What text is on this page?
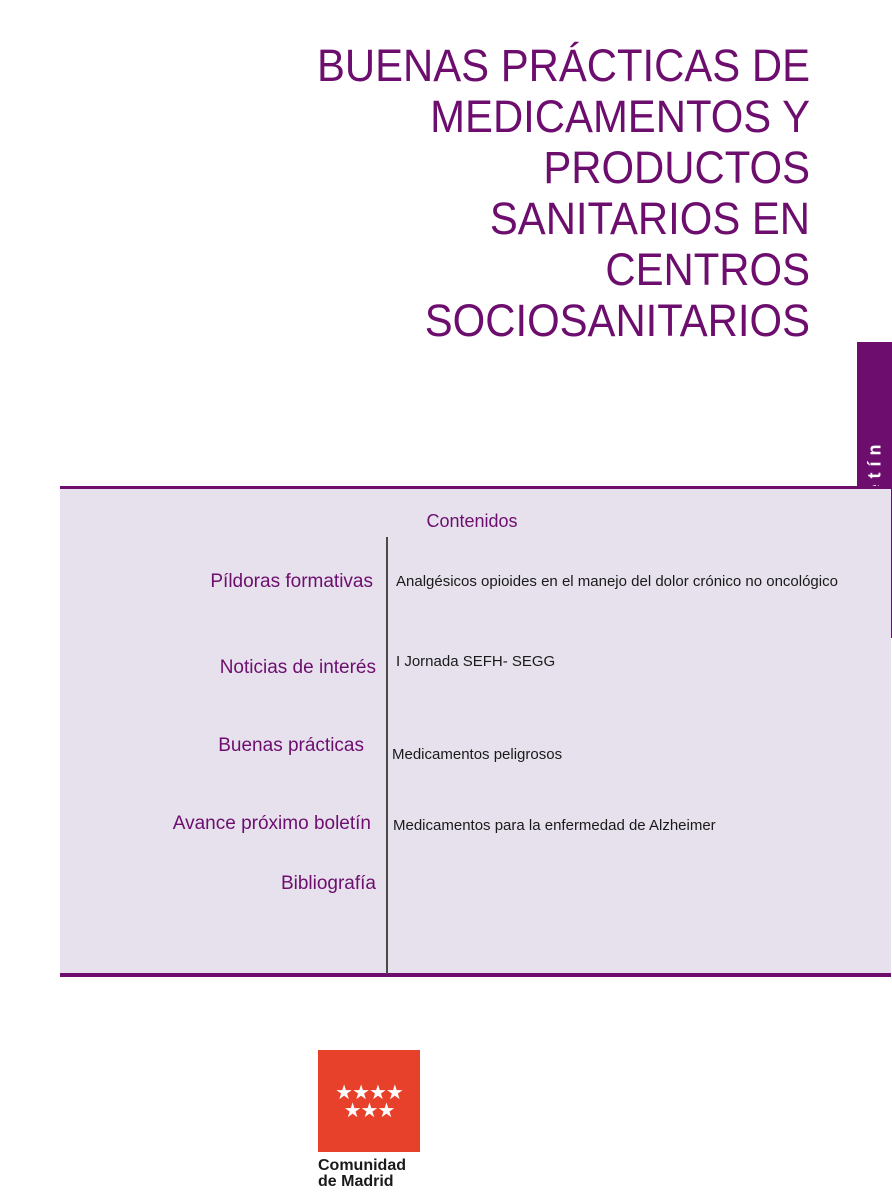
BUENAS PRÁCTICAS DE
MEDICAMENTOS Y
PRODUCTOS
SANITARIOS EN
CENTROS
SOCIOSANITARIOS
Contenidos
Píldoras formativas
Noticias de interés
Buenas prácticas
Avance próximo boletín
Bibliografía
Analgésicos opioides en el manejo del dolor crónico no oncológico
I Jornada SEFH- SEGG
Medicamentos peligrosos
Medicamentos para la enfermedad de Alzheimer
★★★★
★★★
Comunidad
de Madrid
